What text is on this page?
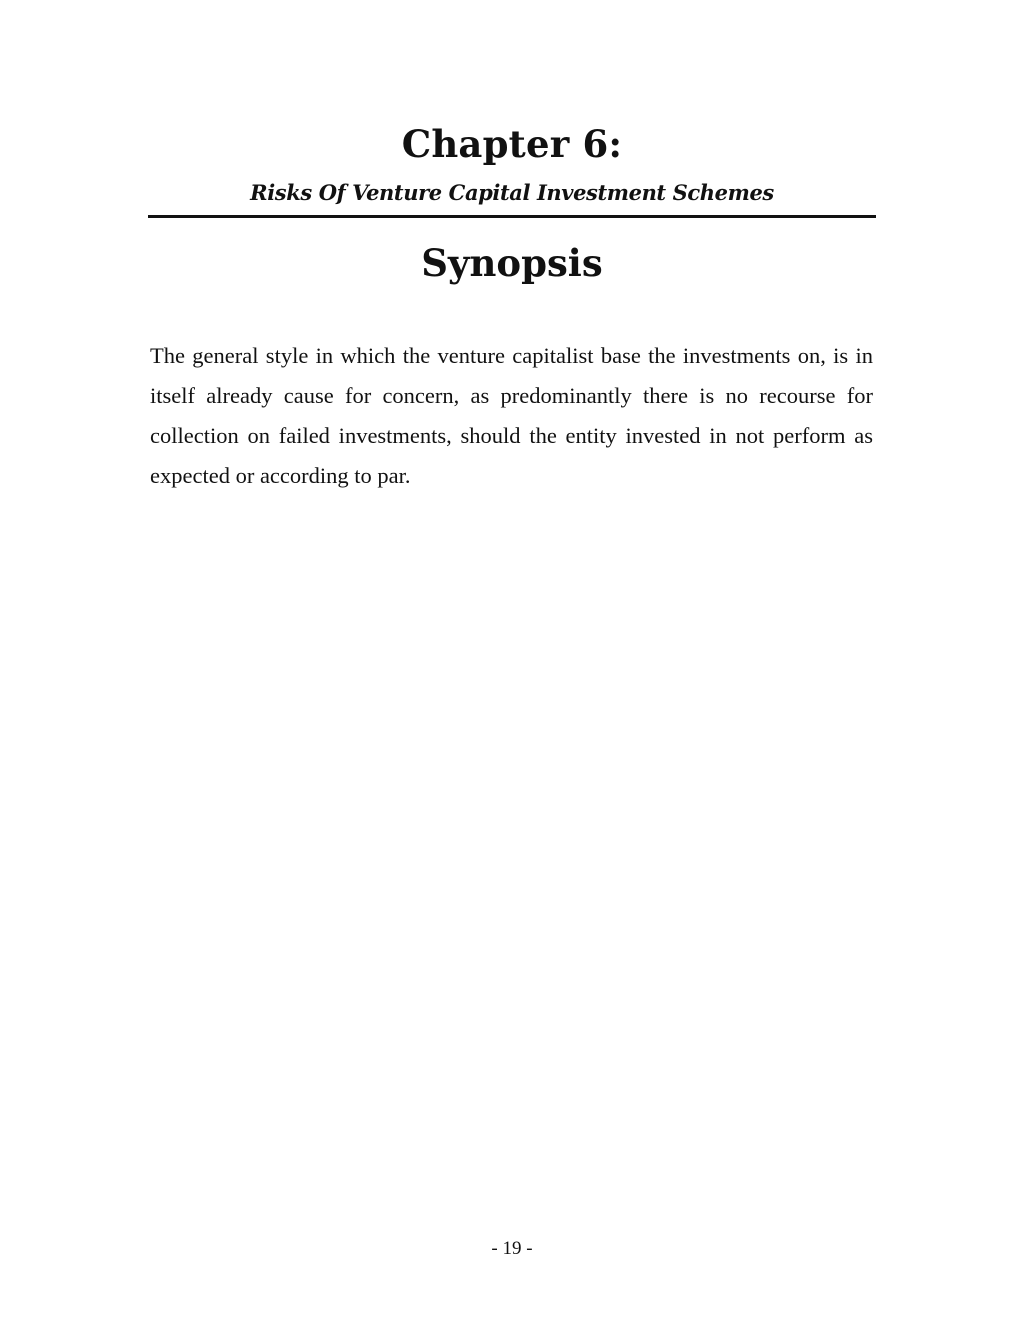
Chapter 6:
Risks Of Venture Capital Investment Schemes
Synopsis

The general style in which the venture capitalist base the investments on, is in itself already cause for concern, as predominantly there is no recourse for collection on failed investments, should the entity invested in not perform as expected or according to par.

- 19 -
